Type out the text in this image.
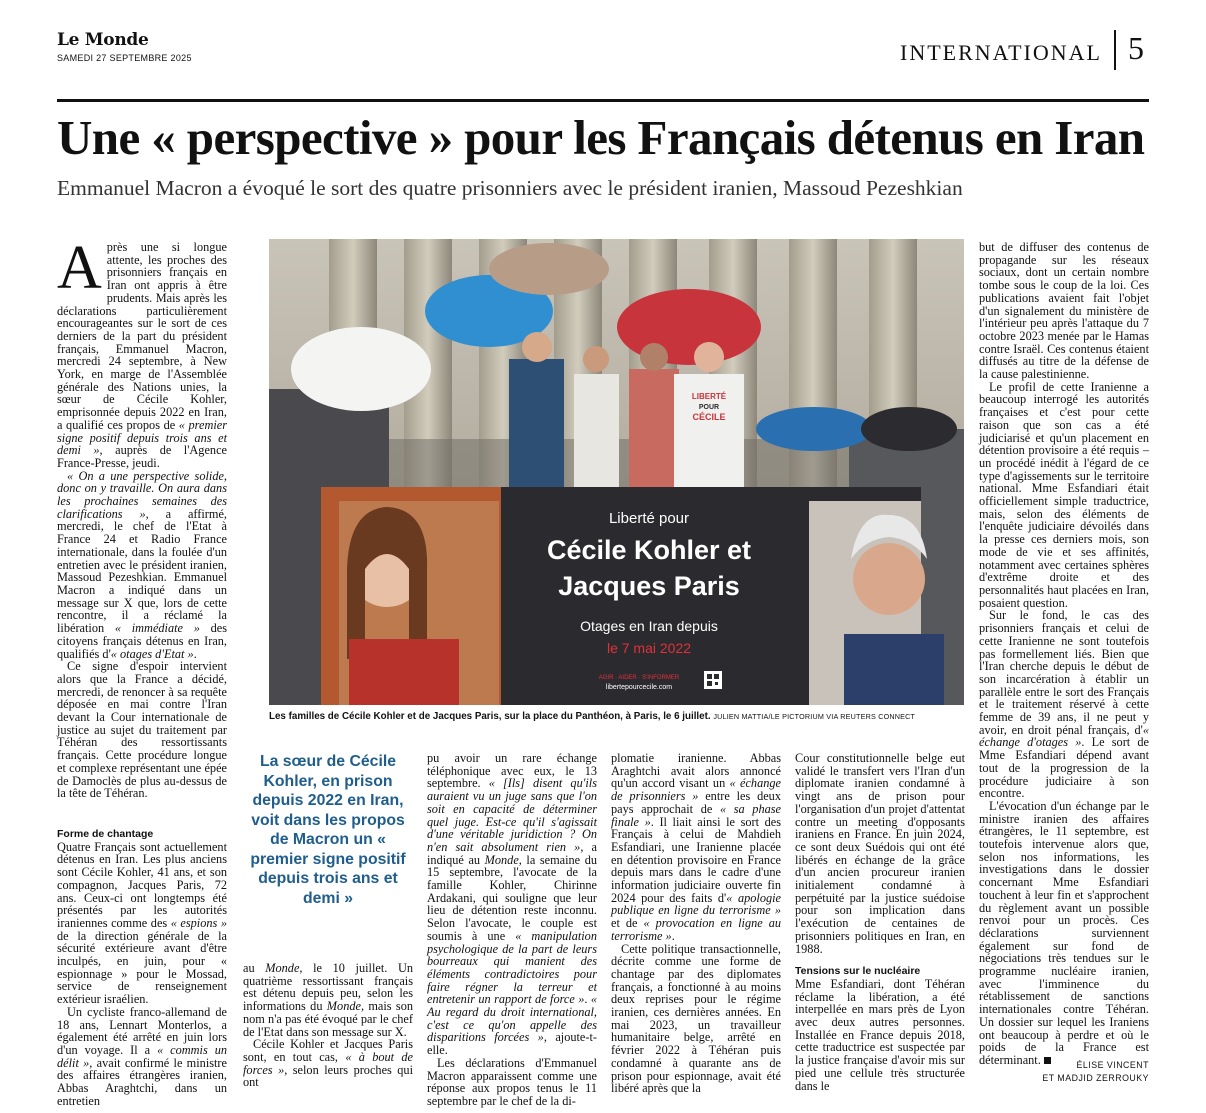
Le Monde
SAMEDI 27 SEPTEMBRE 2025	INTERNATIONAL 5
Une « perspective » pour les Français détenus en Iran
Emmanuel Macron a évoqué le sort des quatre prisonniers avec le président iranien, Massoud Pezeshkian

Après une si longue attente, les proches des prisonniers français en Iran ont appris à être prudents. Mais après les déclarations particulièrement encourageantes sur le sort de ces derniers de la part du président français, Emmanuel Macron, mercredi 24 septembre, à New York, en marge de l'Assemblée générale des Nations unies, la sœur de Cécile Kohler, emprisonnée depuis 2022 en Iran, a qualifié ces propos de « premier signe positif depuis trois ans et demi », auprès de l'Agence France-Presse, jeudi.

« On a une perspective solide, donc on y travaille. On aura dans les prochaines semaines des clarifications », a affirmé, mercredi, le chef de l'Etat à France 24 et Radio France internationale, dans la foulée d'un entretien avec le président iranien, Massoud Pezeshkian. Emmanuel Macron a indiqué dans un message sur X que, lors de cette rencontre, il a réclamé la libération « immédiate » des citoyens français détenus en Iran, qualifiés d'« otages d'Etat ».

Ce signe d'espoir intervient alors que la France a décidé, mercredi, de renoncer à sa requête déposée en mai contre l'Iran devant la Cour internationale de justice au sujet du traitement par Téhéran des ressortissants français. Cette procédure longue et complexe représentant une épée de Damoclès de plus au-dessus de la tête de Téhéran.

Forme de chantage

Quatre Français sont actuellement détenus en Iran. Les plus anciens sont Cécile Kohler, 41 ans, et son compagnon, Jacques Paris, 72 ans. Ceux-ci ont longtemps été présentés par les autorités iraniennes comme des « espions » de la direction générale de la sécurité extérieure avant d'être inculpés, en juin, pour « espionnage » pour le Mossad, service de renseignement extérieur israélien.

Un cycliste franco-allemand de 18 ans, Lennart Monterlos, a également été arrêté en juin lors d'un voyage. Il a « commis un délit », avait confirmé le ministre des affaires étrangères iranien, Abbas Araghtchi, dans un entretien

LIBERTÉ
POUR
CÉCILE
Liberté pour
Cécile Kohler et
Jacques Paris
Otages en Iran depuis
le 7 mai 2022
AGIR · AIDER · S'INFORMER
libertepourcecile.com
Les familles de Cécile Kohler et de Jacques Paris, sur la place du Panthéon, à Paris, le 6 juillet. JULIEN MATTIA/LE PICTORIUM VIA REUTERS CONNECT
La sœur de Cécile Kohler, en prison depuis 2022 en Iran, voit dans les propos de Macron un « premier signe positif depuis trois ans et demi »

au Monde, le 10 juillet. Un quatrième ressortissant français est détenu depuis peu, selon les informations du Monde, mais son nom n'a pas été évoqué par le chef de l'Etat dans son message sur X.

Cécile Kohler et Jacques Paris sont, en tout cas, « à bout de forces », selon leurs proches qui ont

pu avoir un rare échange téléphonique avec eux, le 13 septembre. « [Ils] disent qu'ils auraient vu un juge sans que l'on soit en capacité de déterminer quel juge. Est-ce qu'il s'agissait d'une véritable juridiction ? On n'en sait absolument rien », a indiqué au Monde, la semaine du 15 septembre, l'avocate de la famille Kohler, Chirinne Ardakani, qui souligne que leur lieu de détention reste inconnu. Selon l'avocate, le couple est soumis à une « manipulation psychologique de la part de leurs bourreaux qui manient des éléments contradictoires pour faire régner la terreur et entretenir un rapport de force ». « Au regard du droit international, c'est ce qu'on appelle des disparitions forcées », ajoute-t-elle.

Les déclarations d'Emmanuel Macron apparaissent comme une réponse aux propos tenus le 11 septembre par le chef de la di-

plomatie iranienne. Abbas Araghtchi avait alors annoncé qu'un accord visant un « échange de prisonniers » entre les deux pays approchait de « sa phase finale ». Il liait ainsi le sort des Français à celui de Mahdieh Esfandiari, une Iranienne placée en détention provisoire en France depuis mars dans le cadre d'une information judiciaire ouverte fin 2024 pour des faits d'« apologie publique en ligne du terrorisme » et de « provocation en ligne au terrorisme ».

Cette politique transactionnelle, décrite comme une forme de chantage par des diplomates français, a fonctionné à au moins deux reprises pour le régime iranien, ces dernières années. En mai 2023, un travailleur humanitaire belge, arrêté en février 2022 à Téhéran puis condamné à quarante ans de prison pour espionnage, avait été libéré après que la

Cour constitutionnelle belge eut validé le transfert vers l'Iran d'un diplomate iranien condamné à vingt ans de prison pour l'organisation d'un projet d'attentat contre un meeting d'opposants iraniens en France. En juin 2024, ce sont deux Suédois qui ont été libérés en échange de la grâce d'un ancien procureur iranien initialement condamné à perpétuité par la justice suédoise pour son implication dans l'exécution de centaines de prisonniers politiques en Iran, en 1988.

Tensions sur le nucléaire

Mme Esfandiari, dont Téhéran réclame la libération, a été interpellée en mars près de Lyon avec deux autres personnes. Installée en France depuis 2018, cette traductrice est suspectée par la justice française d'avoir mis sur pied une cellule très structurée dans le

but de diffuser des contenus de propagande sur les réseaux sociaux, dont un certain nombre tombe sous le coup de la loi. Ces publications avaient fait l'objet d'un signalement du ministère de l'intérieur peu après l'attaque du 7 octobre 2023 menée par le Hamas contre Israël. Ces contenus étaient diffusés au titre de la défense de la cause palestinienne.

Le profil de cette Iranienne a beaucoup interrogé les autorités françaises et c'est pour cette raison que son cas a été judiciarisé et qu'un placement en détention provisoire a été requis – un procédé inédit à l'égard de ce type d'agissements sur le territoire national. Mme Esfandiari était officiellement simple traductrice, mais, selon des éléments de l'enquête judiciaire dévoilés dans la presse ces derniers mois, son mode de vie et ses affinités, notamment avec certaines sphères d'extrême droite et des personnalités haut placées en Iran, posaient question.

Sur le fond, le cas des prisonniers français et celui de cette Iranienne ne sont toutefois pas formellement liés. Bien que l'Iran cherche depuis le début de son incarcération à établir un parallèle entre le sort des Français et le traitement réservé à cette femme de 39 ans, il ne peut y avoir, en droit pénal français, d'« échange d'otages ». Le sort de Mme Esfandiari dépend avant tout de la progression de la procédure judiciaire à son encontre.

L'évocation d'un échange par le ministre iranien des affaires étrangères, le 11 septembre, est toutefois intervenue alors que, selon nos informations, les investigations dans le dossier concernant Mme Esfandiari touchent à leur fin et s'approchent du règlement avant un possible renvoi pour un procès. Ces déclarations surviennent également sur fond de négociations très tendues sur le programme nucléaire iranien, avec l'imminence du rétablissement de sanctions internationales contre Téhéran. Un dossier sur lequel les Iraniens ont beaucoup à perdre et où le poids de la France est déterminant.	ÉLISE VINCENT
ET MADJID ZERROUKY
